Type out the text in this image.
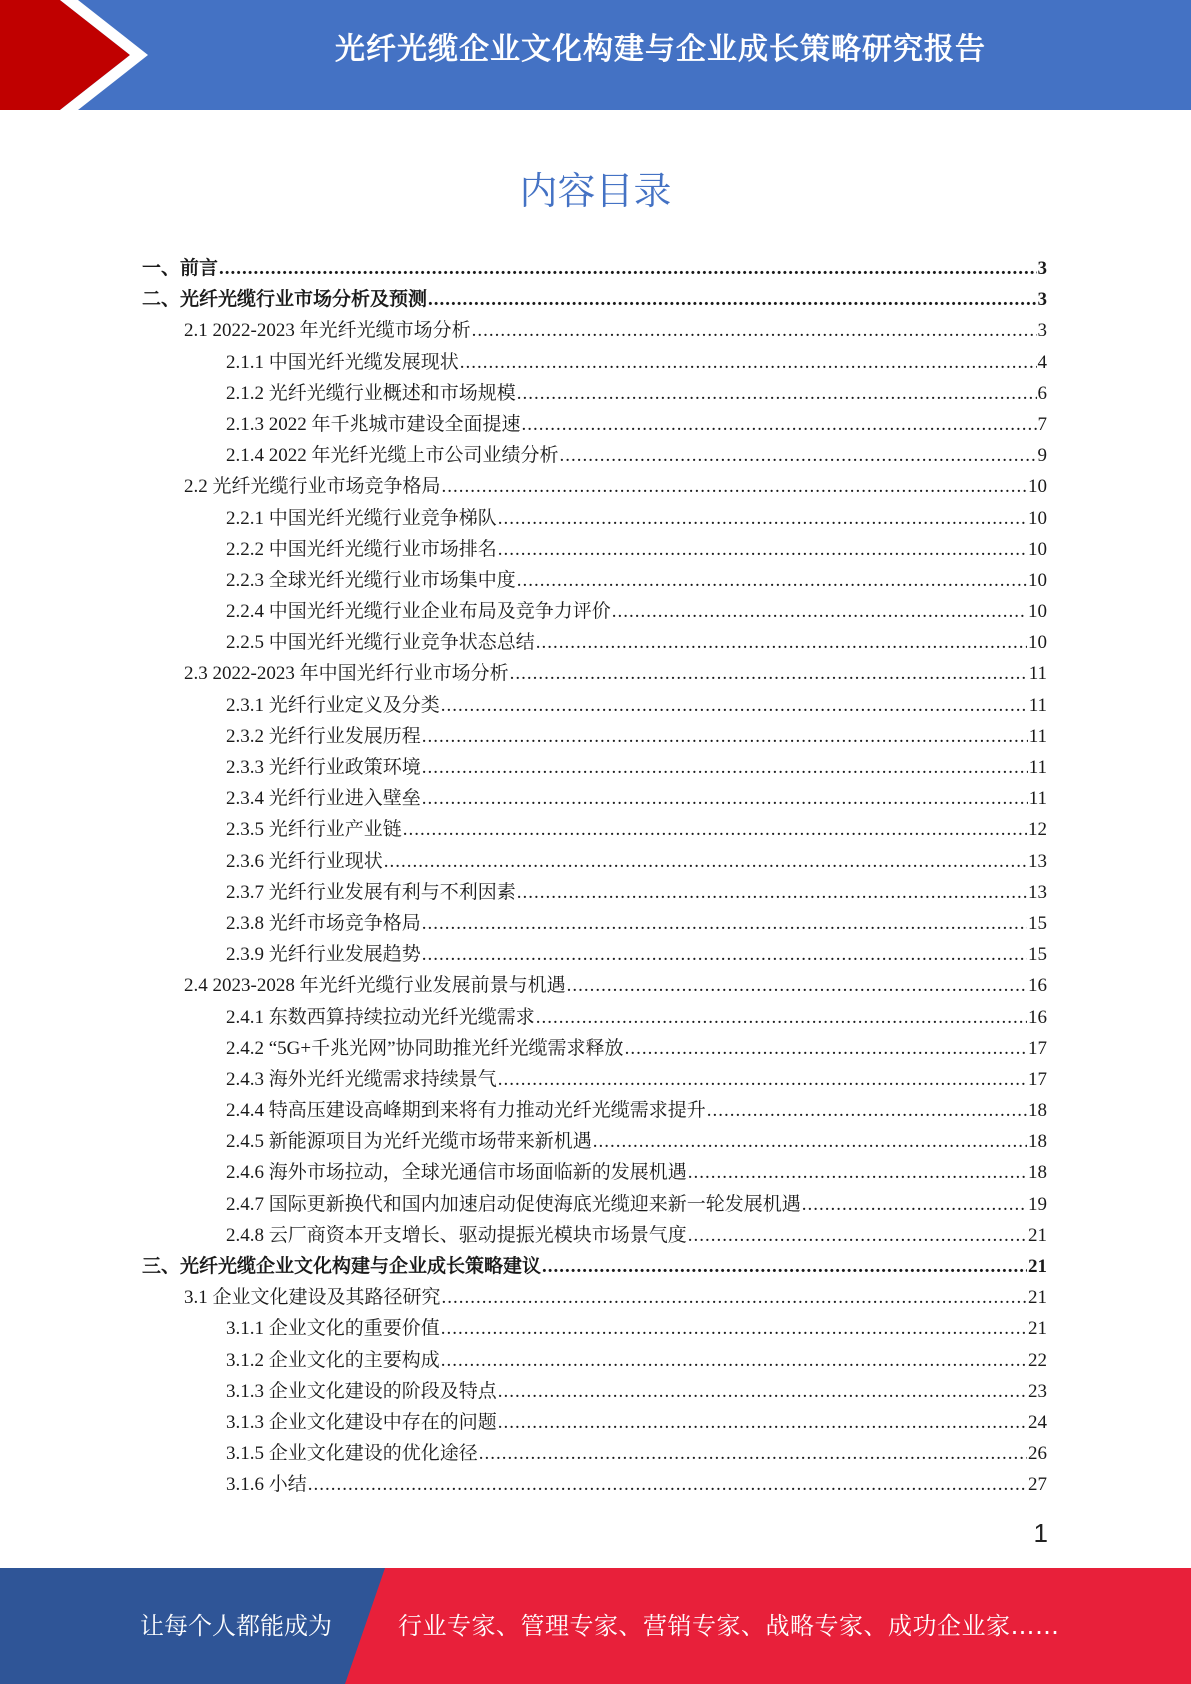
光纤光缆企业文化构建与企业成长策略研究报告
内容目录
一、前言 .....	3
二、光纤光缆行业市场分析及预测 .....	3
2.1 2022-2023 年光纤光缆市场分析 .....	3
2.1.1 中国光纤光缆发展现状 .....	4
2.1.2 光纤光缆行业概述和市场规模 .....	6
2.1.3 2022 年千兆城市建设全面提速 .....	7
2.1.4 2022 年光纤光缆上市公司业绩分析 .....	9
2.2 光纤光缆行业市场竞争格局 .....	10
2.2.1 中国光纤光缆行业竞争梯队 .....	10
2.2.2 中国光纤光缆行业市场排名 .....	10
2.2.3 全球光纤光缆行业市场集中度 .....	10
2.2.4 中国光纤光缆行业企业布局及竞争力评价 .....	10
2.2.5 中国光纤光缆行业竞争状态总结 .....	10
2.3 2022-2023 年中国光纤行业市场分析 .....	11
2.3.1 光纤行业定义及分类 .....	11
2.3.2 光纤行业发展历程 .....	11
2.3.3 光纤行业政策环境 .....	11
2.3.4 光纤行业进入壁垒 .....	11
2.3.5 光纤行业产业链 .....	12
2.3.6 光纤行业现状 .....	13
2.3.7 光纤行业发展有利与不利因素 .....	13
2.3.8 光纤市场竞争格局 .....	15
2.3.9 光纤行业发展趋势 .....	15
2.4 2023-2028 年光纤光缆行业发展前景与机遇 .....	16
2.4.1 东数西算持续拉动光纤光缆需求 .....	16
2.4.2 “5G+千兆光网”协同助推光纤光缆需求释放 .....	17
2.4.3 海外光纤光缆需求持续景气 .....	17
2.4.4 特高压建设高峰期到来将有力推动光纤光缆需求提升 .....	18
2.4.5 新能源项目为光纤光缆市场带来新机遇 .....	18
2.4.6 海外市场拉动，全球光通信市场面临新的发展机遇 .....	18
2.4.7 国际更新换代和国内加速启动促使海底光缆迎来新一轮发展机遇 .....	19
2.4.8 云厂商资本开支增长、驱动提振光模块市场景气度 .....	21
三、光纤光缆企业文化构建与企业成长策略建议 .....	21
3.1 企业文化建设及其路径研究 .....	21
3.1.1 企业文化的重要价值 .....	21
3.1.2 企业文化的主要构成 .....	22
3.1.3 企业文化建设的阶段及特点 .....	23
3.1.3 企业文化建设中存在的问题 .....	24
3.1.5 企业文化建设的优化途径 .....	26
3.1.6 小结 .....	27
1
让每个人都能成为	行业专家、管理专家、营销专家、战略专家、成功企业家……
